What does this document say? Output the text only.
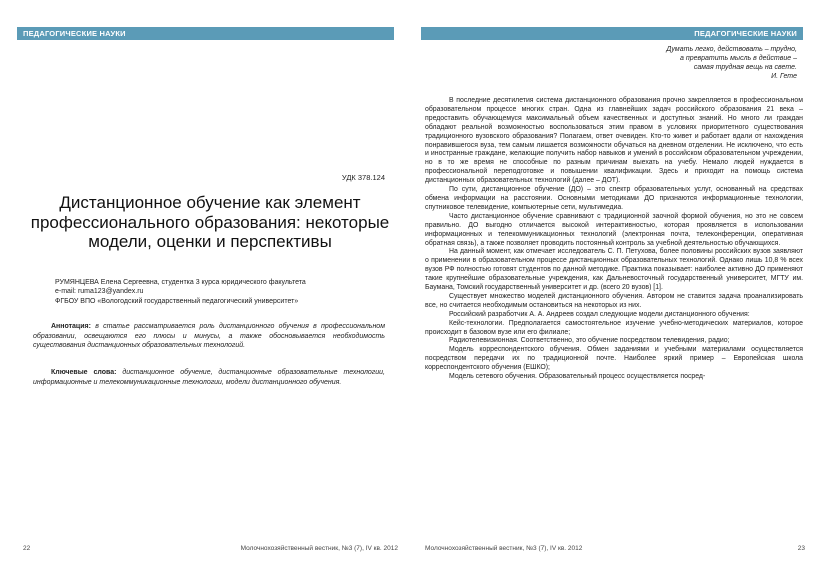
ПЕДАГОГИЧЕСКИЕ НАУКИ
УДК 378.124
Дистанционное обучение как элемент профессионального образования: некоторые модели, оценки и перспективы
РУМЯНЦЕВА Елена Сергеевна, студентка 3 курса юридического факультета
e-mail: ruma123@yandex.ru
ФГБОУ ВПО «Вологодский государственный педагогический университет»

Аннотация: в статье рассматривается роль дистанционного обучения в профессиональном образовании, освещаются его плюсы и минусы, а также обосновывается необходимость существования дистанционных образовательных технологий.

Ключевые слова: дистанционное обучение, дистанционные образовательные технологии, информационные и телекоммуникационные технологии, модели дистанционного обучения.

22	Молочнохозяйственный вестник, №3 (7), IV кв. 2012
ПЕДАГОГИЧЕСКИЕ НАУКИ
Думать легко, действовать – трудно,
а превратить мысль в действие –
самая трудная вещь на свете.
И. Гете

В последние десятилетия система дистанционного образования прочно закрепляется в профессиональном образовательном процессе многих стран. Одна из главнейших задач российского образования 21 века – предоставить обучающемуся максимальный объем качественных и доступных знаний. Но много ли граждан обладают реальной возможностью воспользоваться этим правом в условиях приоритетного существования традиционного вузовского образования? Полагаем, ответ очевиден. Кто-то живет и работает вдали от нахождения понравившегося вуза, тем самым лишается возможности обучаться на дневном отделении. Не исключено, что есть и иностранные граждане, желающие получить набор навыков и умений в российском образовательном учреждении, но в то же время не способные по разным причинам выехать на учебу. Немало людей нуждается в профессиональной переподготовке и повышении квалификации. Здесь и приходит на помощь система дистанционных образовательных технологий (далее – ДОТ).

По сути, дистанционное обучение (ДО) – это спектр образовательных услуг, основанный на средствах обмена информации на расстоянии. Основными методиками ДО признаются информационные технологии, спутниковое телевидение, компьютерные сети, мультимедиа.

Часто дистанционное обучение сравнивают с традиционной заочной формой обучения, но это не совсем правильно. ДО выгодно отличается высокой интерактивностью, которая проявляется в использовании информационных и телекоммуникационных технологий (электронная почта, телеконференции, оперативная обратная связь), а также позволяет проводить постоянный контроль за учебной деятельностью обучающихся.

На данный момент, как отмечает исследователь С. П. Петухова, более половины российских вузов заявляют о применении в образовательном процессе дистанционных образовательных технологий. Однако лишь 10,8 % всех вузов РФ полностью готовят студентов по данной методике. Практика показывает: наиболее активно ДО применяют такие крупнейшие образовательные учреждения, как Дальневосточный государственный университет, МГТУ им. Баумана, Томский государственный университет и др. (всего 20 вузов) [1].

Существует множество моделей дистанционного обучения. Автором не ставится задача проанализировать все, но считается необходимым остановиться на некоторых из них.

Российский разработчик А. А. Андреев создал следующие модели дистанционного обучения:

Кейс-технологии. Предполагается самостоятельное изучение учебно-методических материалов, которое происходит в базовом вузе или его филиале;

Радиотелевизионная. Соответственно, это обучение посредством телевидения, радио;

Модель корреспондентского обучения. Обмен заданиями и учебными материалами осуществляется посредством передачи их по традиционной почте. Наиболее яркий пример – Европейская школа корреспондентского обучения (ЕШКО);

Модель сетевого обучения. Образовательный процесс осуществляется посред-

Молочнохозяйственный вестник, №3 (7), IV кв. 2012	23
